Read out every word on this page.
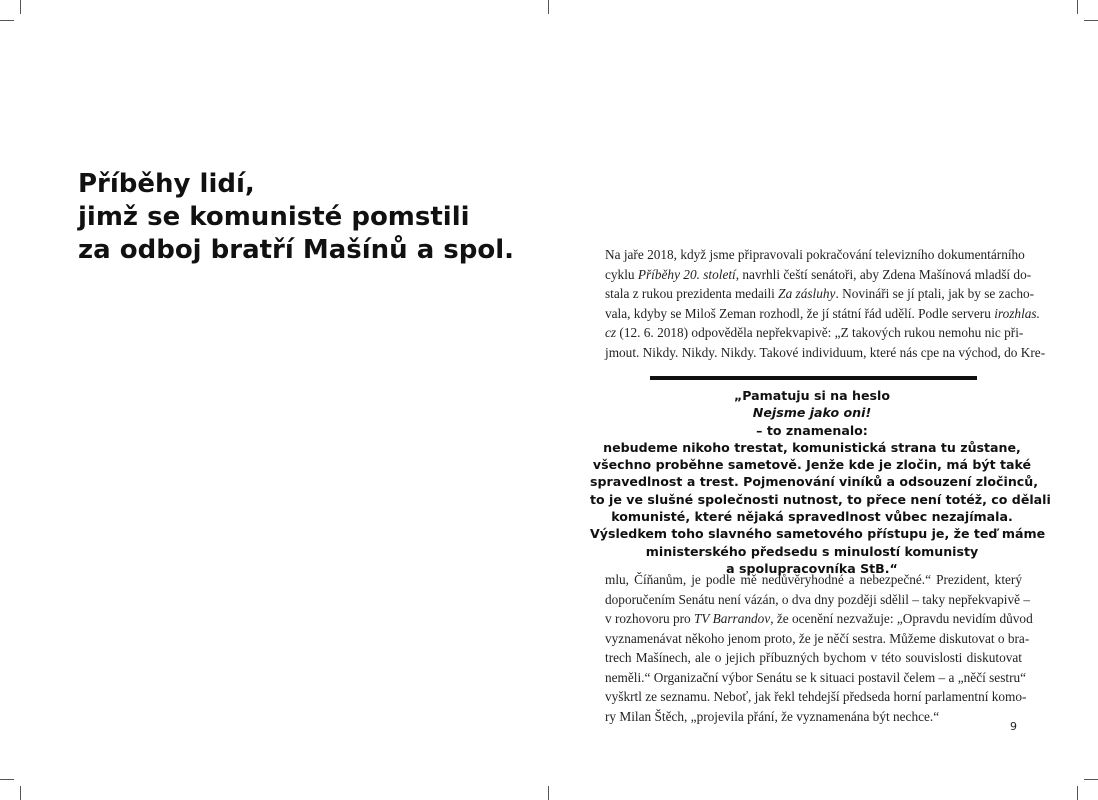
Příběhy lidí,
jimž se komunisté pomstili
za odboj bratří Mašínů a spol.	Na jaře 2018, když jsme připravovali pokračování televizního dokumentárního
cyklu Příběhy 20. století, navrhli čeští senátoři, aby Zdena Mašínová mladší do-
stala z rukou prezidenta medaili Za zásluhy. Novináři se jí ptali, jak by se zacho-
vala, kdyby se Miloš Zeman rozhodl, že jí státní řád udělí. Podle serveru irozhlas.
cz (12. 6. 2018) odpověděla nepřekvapivě: „Z takových rukou nemohu nic při-
jmout. Nikdy. Nikdy. Nikdy. Takové individuum, které nás cpe na východ, do Kre-
„Pamatuju si na heslo
Nejsme jako oni!
– to znamenalo:
nebudeme nikoho trestat, komunistická strana tu zůstane,
všechno proběhne sametově. Jenže kde je zločin, má být také
spravedlnost a trest. Pojmenování viníků a odsouzení zločinců,
to je ve slušné společnosti nutnost, to přece není totéž, co dělali
komunisté, které nějaká spravedlnost vůbec nezajímala.
Výsledkem toho slavného sametového přístupu je, že teď máme
ministerského předsedu s minulostí komunisty
a spolupracovníka StB.“
mlu, Číňanům, je podle mě nedůvěryhodné a nebezpečné.“ Prezident, který
doporučením Senátu není vázán, o dva dny později sdělil – taky nepřekvapivě –
v rozhovoru pro TV Barrandov, že ocenění nezvažuje: „Opravdu nevidím důvod
vyznamenávat někoho jenom proto, že je něčí sestra. Můžeme diskutovat o bra-
trech Mašínech, ale o jejich příbuzných bychom v této souvislosti diskutovat
neměli.“ Organizační výbor Senátu se k situaci postavil čelem – a „něčí sestru“
vyškrtl ze seznamu. Neboť, jak řekl tehdejší předseda horní parlamentní komo-
ry Milan Štěch, „projevila přání, že vyznamenána být nechce.“
9
